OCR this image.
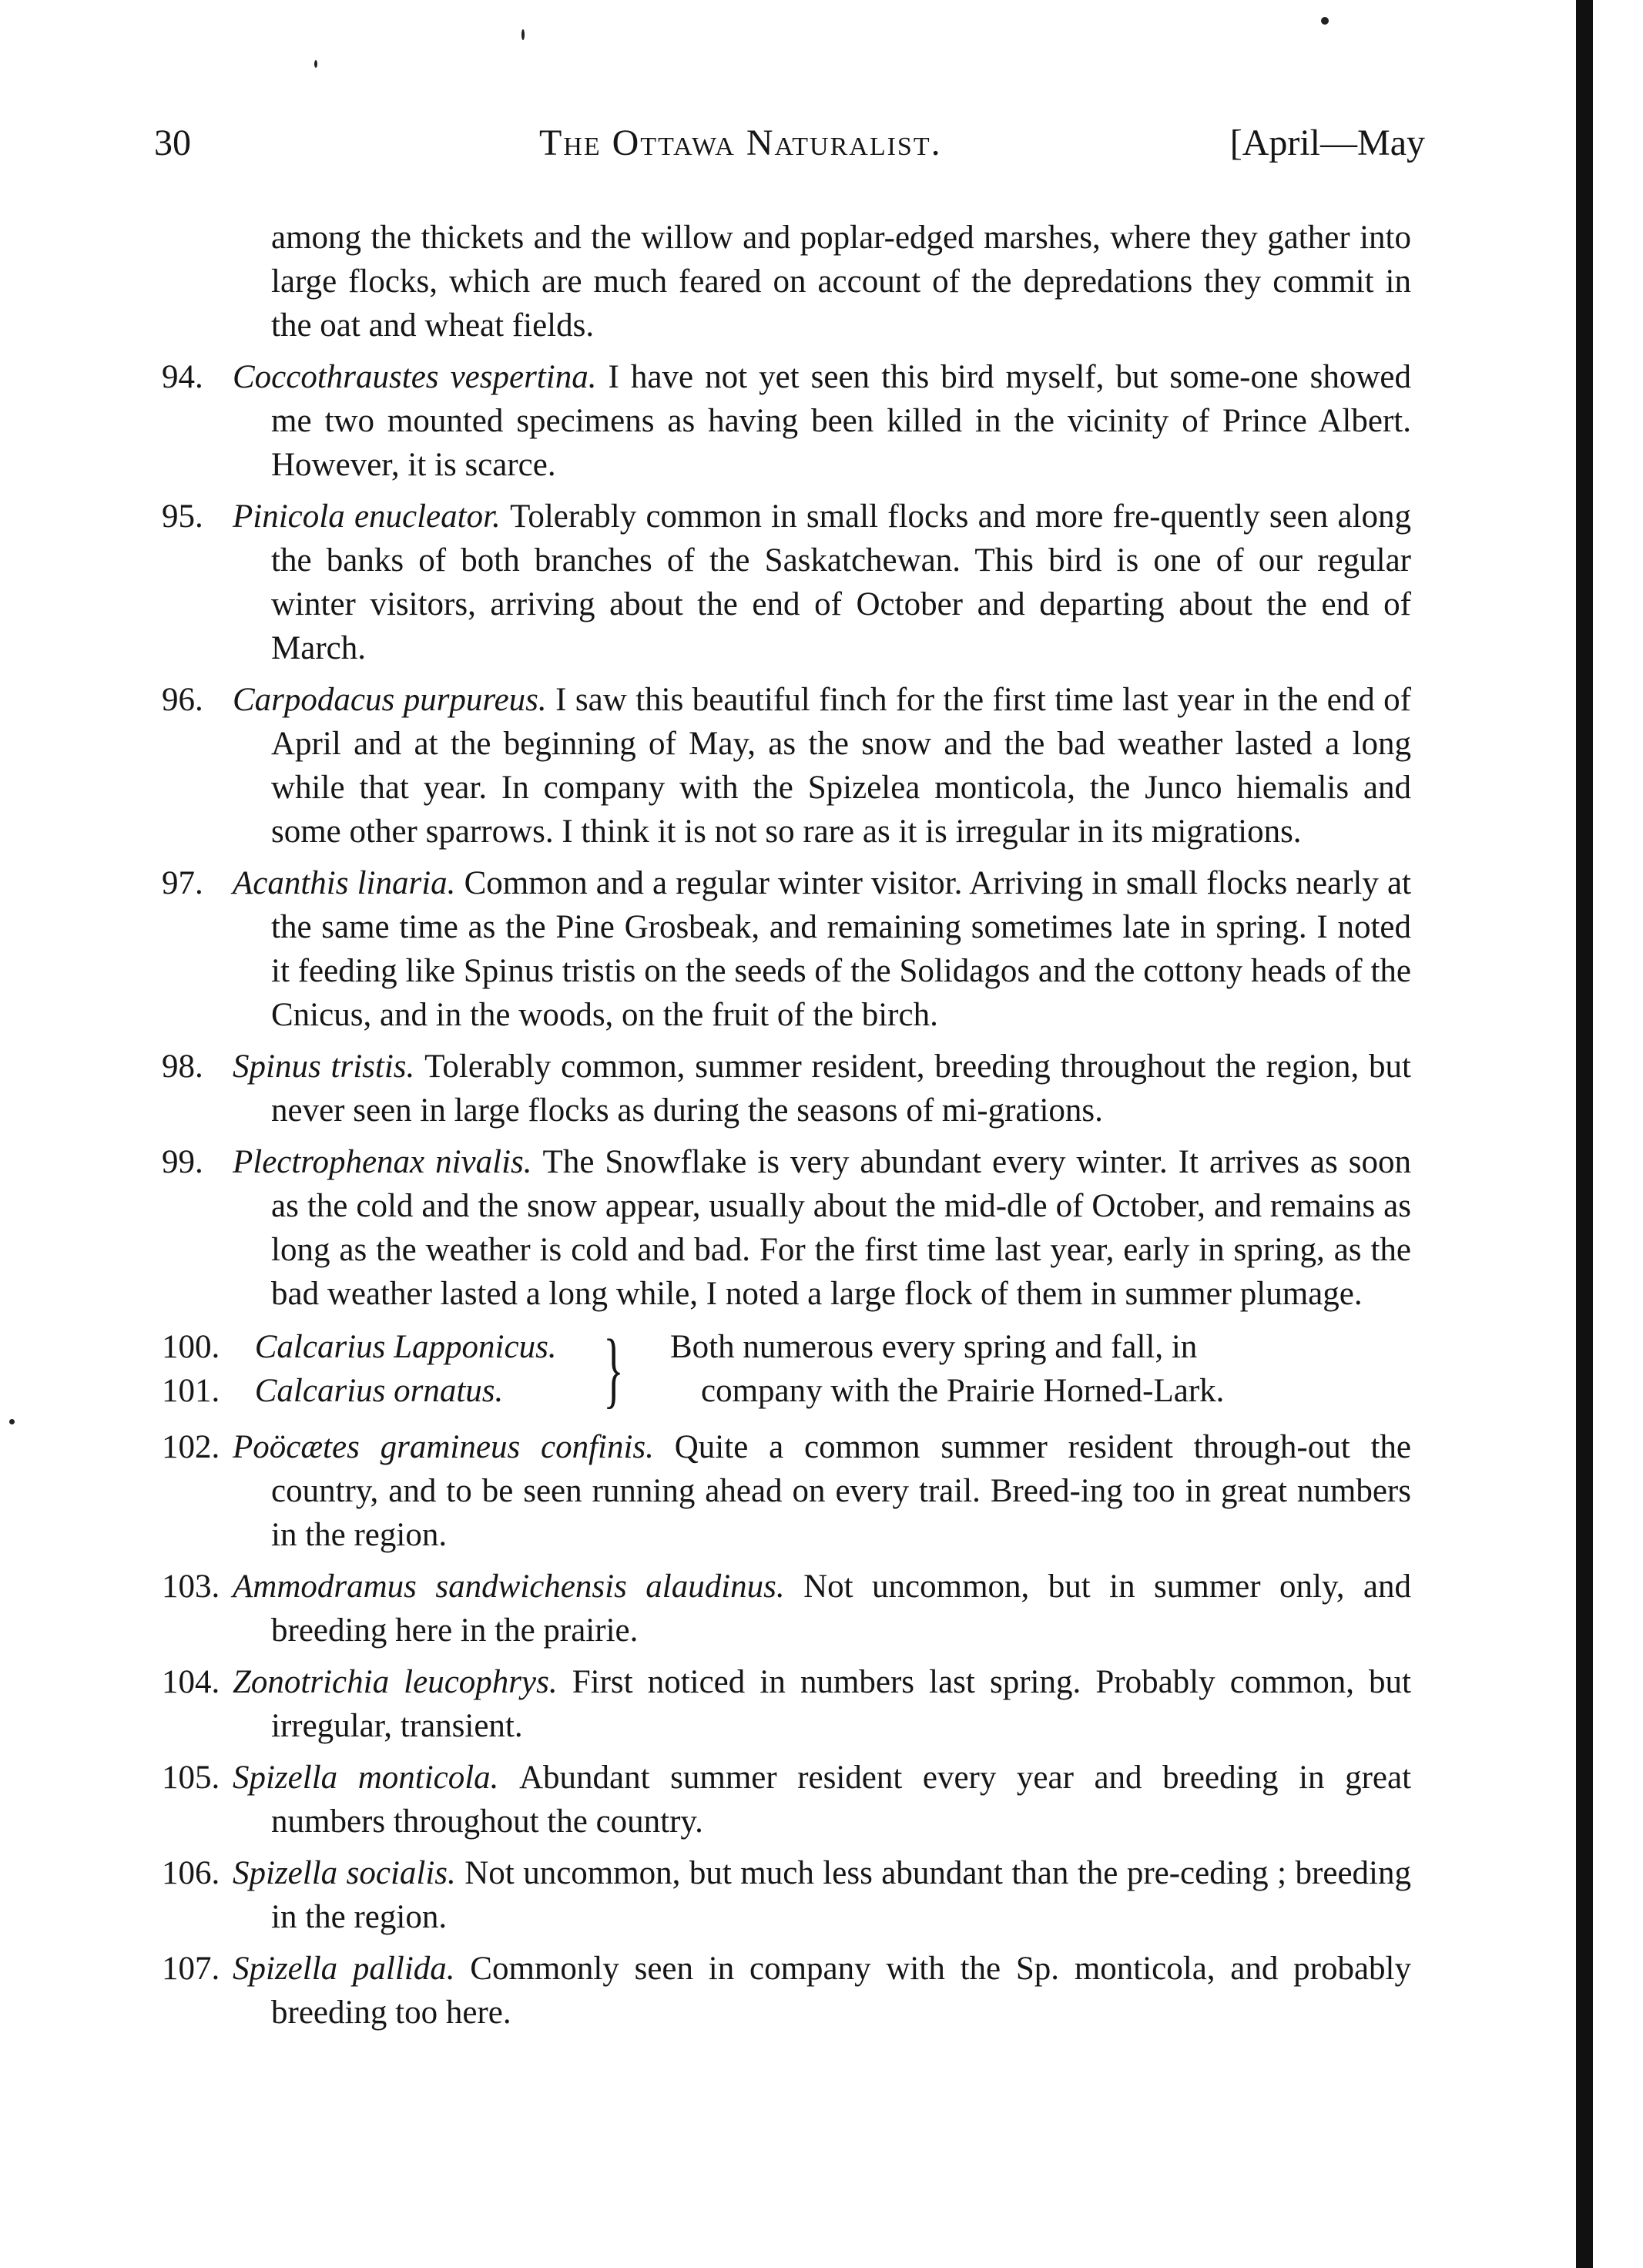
30	The Ottawa Naturalist.	[April—May
among the thickets and the willow and poplar-edged marshes, where they gather into large flocks, which are much feared on account of the depredations they commit in the oat and wheat fields.
94. Coccothraustes vespertina. I have not yet seen this bird myself, but some-one showed me two mounted specimens as having been killed in the vicinity of Prince Albert. However, it is scarce.
95. Pinicola enucleator. Tolerably common in small flocks and more fre-quently seen along the banks of both branches of the Saskatchewan. This bird is one of our regular winter visitors, arriving about the end of October and departing about the end of March.
96. Carpodacus purpureus. I saw this beautiful finch for the first time last year in the end of April and at the beginning of May, as the snow and the bad weather lasted a long while that year. In company with the Spizelea monticola, the Junco hiemalis and some other sparrows. I think it is not so rare as it is irregular in its migrations.
97. Acanthis linaria. Common and a regular winter visitor. Arriving in small flocks nearly at the same time as the Pine Grosbeak, and remaining sometimes late in spring. I noted it feeding like Spinus tristis on the seeds of the Solidagos and the cottony heads of the Cnicus, and in the woods, on the fruit of the birch.
98. Spinus tristis. Tolerably common, summer resident, breeding throughout the region, but never seen in large flocks as during the seasons of mi-grations.
99. Plectrophenax nivalis. The Snowflake is very abundant every winter. It arrives as soon as the cold and the snow appear, usually about the mid-dle of October, and remains as long as the weather is cold and bad. For the first time last year, early in spring, as the bad weather lasted a long while, I noted a large flock of them in summer plumage.
100. Calcarius Lapponicus.
101. Calcarius ornatus. } Both numerous every spring and fall, in
company with the Prairie Horned-Lark.
102. Poöcætes gramineus confinis. Quite a common summer resident through-out the country, and to be seen running ahead on every trail. Breed-ing too in great numbers in the region.
103. Ammodramus sandwichensis alaudinus. Not uncommon, but in summer only, and breeding here in the prairie.
104. Zonotrichia leucophrys. First noticed in numbers last spring. Probably common, but irregular, transient.
105. Spizella monticola. Abundant summer resident every year and breeding in great numbers throughout the country.
106. Spizella socialis. Not uncommon, but much less abundant than the pre-ceding ; breeding in the region.
107. Spizella pallida. Commonly seen in company with the Sp. monticola, and probably breeding too here.
